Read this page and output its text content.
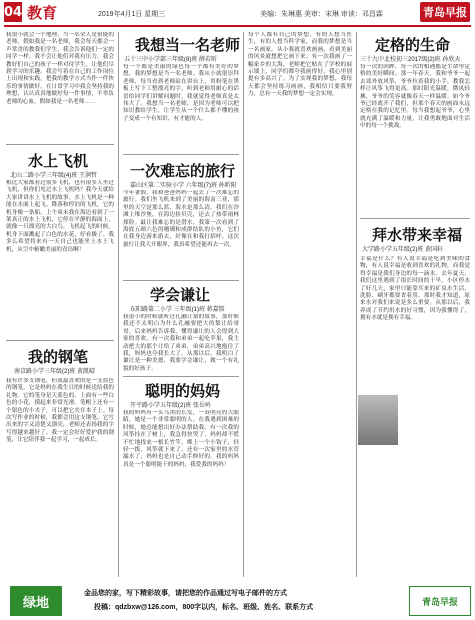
04 教育	2019年4月1日 星期三	美编：朱琳惠 美审：宋琳 审读：邓昌霖	青岛早报
我很小就会一个地理。当一名荣人是很能的老师。假如我是一名老师，我会每天都会一声常喜的教我们学生，我会告诉他们一定的同学一样。我不会让他们对我有压力，我会教好们自己的孩子一样对待学生，让他们尽到学习的乐趣。我会写着在自己的工作岗位上出现和实践，把我的教学方式当作一件快乐的事情做好。在日常学习中我会坚持我的理想，认认真真地做好每一件事情，不辜负老师的心血。假如我是一名老师……
水上飞机
北山二路小学三年级(4)班 王润哲
相比大家都看过很多飞机，也有很多人坐过飞机，但你们见过水上飞机吗？我今天就给大家讲讲水上飞机的故事。水上飞机是一种能在水面上起飞、降落和停泊的飞机，它的机身像一条船。上个周末我在海边看到了一架真正的水上飞机，它停在平静的海面上，就像一只漂亮的大白鸟。飞机起飞的时候，机身下面溅起了白色的水花，好看极了。我多么希望将来有一天自己也能坐上水上飞机，从空中俯瞰美丽的青岛啊！
我的钢笔
南京路小学三年级(2)班 黄凯晴
我有许多支钢笔，但我最喜欢的是一支蓝色的钢笔，它是妈妈在我生日的时候送给我的礼物。它的笔身是天蓝色的，上面有一些白色的小花，摸起来非常光滑。笔帽上还有一个银色的小夹子，可以把它夹在本子上。每次写作业的时候，我都会用这支钢笔，它写出来的字又清楚又漂亮，老师还表扬我的字写得越来越好了。我一定会好好爱护我的钢笔，让它陪伴我一起学习，一起成长。
我想当一名老师
五十三中小学部三年级(8)班 薛若昕
每一个都是美丽的绿色每一个都有美好的梦想，我的梦想是当一名老师。我从小就很崇拜老师，每当看到老师站在讲台上，用粉笔在黑板上写下工整漂亮的字，听到老师用耐心的话语给同学们讲解问题时，我就觉得老师真是太伟大了。我想当一名老师，是因为老师可以把知识教给学生，让学生从一个什么都不懂的孩子变成一个有知识、有才能的人。
一次难忘的旅行
嘉山区第二实验小学 六年级(7)班 孙昕阳
今年暑假，我和爸爸妈妈一起去了一次难忘的旅行。我们坐飞机来到了美丽的海南三亚，那里的天空是那么蓝，海水是那么清。我们在沙滩上堆沙堡，在海边捡贝壳，还去了热带雨林探险。最让我难忘的是潜水，我第一次看到了海底五颜六色的珊瑚和成群结队的小鱼，它们在我身边游来游去，好像在和我打招呼。这次旅行让我大开眼界，我真希望还能再去一次。
学会谦让
东阳路第二小学 三年级(1)班 蒋嘉铭
我很小的时候就听过孔融让梨的故事，那时候我还不太明白为什么孔融要把大的梨让给哥哥。后来妈妈告诉我，懂得谦让的人会得到大家的喜欢。有一次我和弟弟一起吃苹果，我主动把大的那个让给了弟弟，弟弟高兴地抱住了我，妈妈也夸我长大了。从那以后，我明白了谦让是一种美德，我要学会谦让，做一个有礼貌的好孩子。
聪明的妈妈
开平路小学五年级(2)班 张岳岭
我的妈妈有一头乌黑的长发，一双明亮的大眼睛，她是一个非常聪明的人。在我遇到困难的时候，她总能想出好办法帮助我。有一次我的风筝挂在了树上，我急得快哭了，妈妈却不慌不忙地找来一根长竹竿，绑上一个小钩子，轻轻一拨，风筝就下来了。还有一次家里的水管漏水了，妈妈也是自己动手修好的。我的妈妈真是一个聪明能干的妈妈，我爱我的妈妈！
每个人都有自己的梦想，有的人想当医生，有的人想当科学家，而我的梦想是当一名画家。从小我就喜欢画画，看到美丽的风景就想把它画下来。有一次我画了一幅家乡的大海，老师把它贴在了学校的展示墙上，同学们都夸我画得好，我心里别提有多高兴了。为了实现我的梦想，我每天都会坚持练习画画，我相信只要我努力，总有一天我的梦想一定会实现。
定格的生命
三十九中北校初三2017级(2)班 孙欣天
每一次的回眸、每一次的相遇都是生命里定格的美好瞬间。那一年春天，我和爷爷一起去郊外放风筝，爷爷拉着我的小手，教我怎样让风筝飞得更高。那时阳光温暖，微风轻拂，爷爷的笑容就像春天一样温暖。如今爷爷已经离开了我们，但那个春天的画面永远定格在我的记忆里。每当我想起爷爷，心里就充满了温暖和力量，让我勇敢地面对生活中的每一个挑战。
拜水带来幸福
大学路小学五年级(2)班 黄国轩
幸福是什么？有人说幸福是吃到美味的食物，有人说幸福是收到喜欢的礼物，而我觉得幸福是我们身边的每一滴水。去年夏天，我们这里遇到了很长时间的干旱，小区停水了好几天，家里只能靠买来的矿泉水生活，洗脸、刷牙都要省着用。那时我才知道，原来水对我们来说是多么重要。从那以后，我养成了节约用水的好习惯，因为我懂得了，拥有水就是拥有幸福。
绿地
金品您的家，写下精彩故事，请把您的作品通过写电子邮件的方式
投稿：qdzbxw@126.com，800字以内，标名、班级、姓名、联系方式	青岛早报
